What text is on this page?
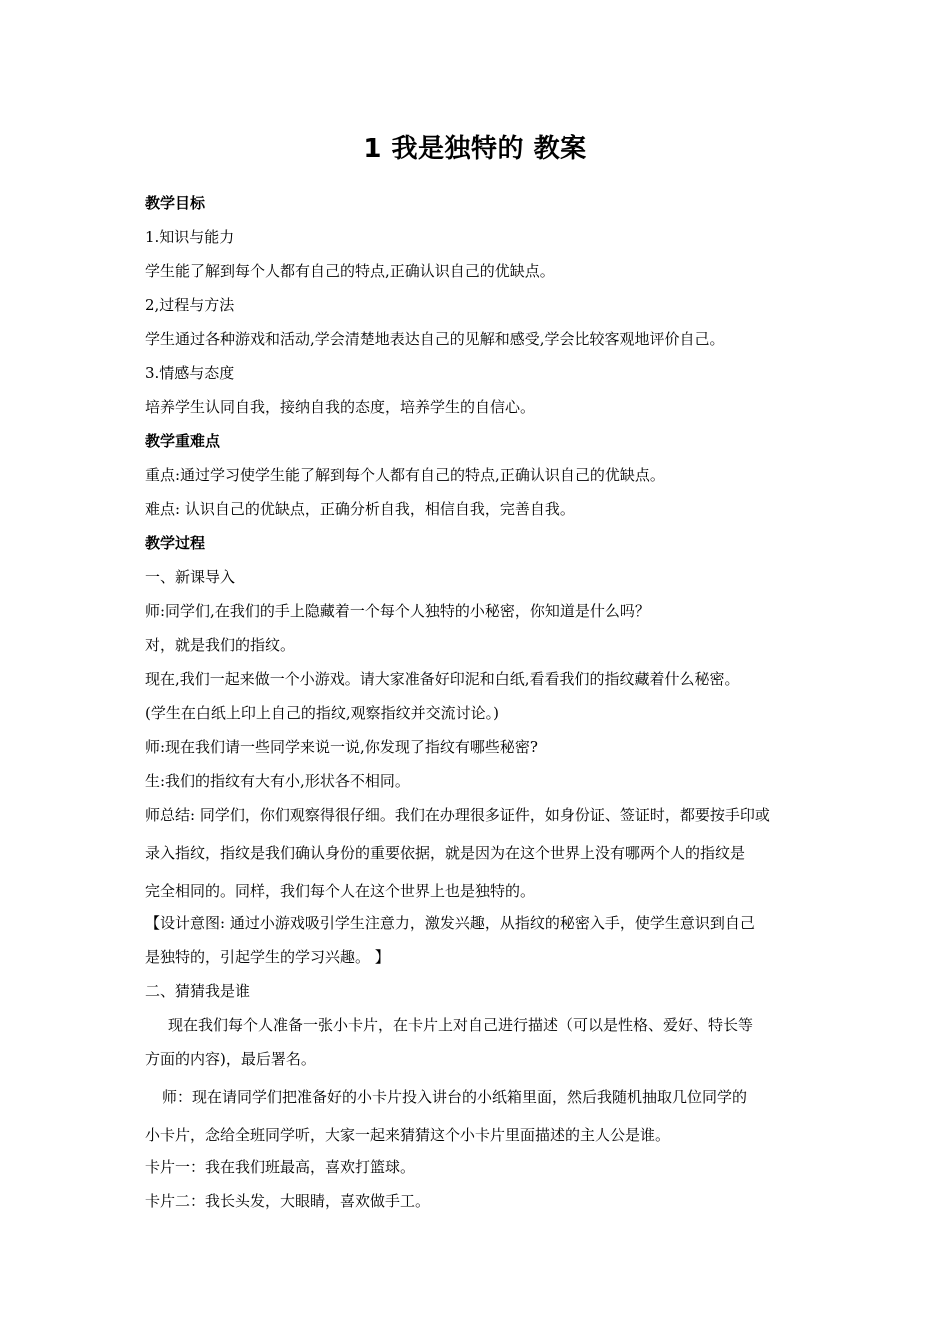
1 我是独特的 教案
教学目标
1.知识与能力
学生能了解到每个人都有自己的特点,正确认识自己的优缺点。
2,过程与方法
学生通过各种游戏和活动,学会清楚地表达自己的见解和感受,学会比较客观地评价自己。
3.情感与态度
培养学生认同自我，接纳自我的态度，培养学生的自信心。
教学重难点
重点:通过学习使学生能了解到每个人都有自己的特点,正确认识自己的优缺点。
难点: 认识自己的优缺点，正确分析自我，相信自我，完善自我。
教学过程
一、新课导入
师:同学们,在我们的手上隐藏着一个每个人独特的小秘密，你知道是什么吗？
对，就是我们的指纹。
现在,我们一起来做一个小游戏。请大家准备好印泥和白纸,看看我们的指纹藏着什么秘密。
(学生在白纸上印上自己的指纹,观察指纹并交流讨论。)
师:现在我们请一些同学来说一说,你发现了指纹有哪些秘密?
生:我们的指纹有大有小,形状各不相同。
师总结: 同学们，你们观察得很仔细。我们在办理很多证件，如身份证、签证时，都要按手印或
录入指纹，指纹是我们确认身份的重要依据，就是因为在这个世界上没有哪两个人的指纹是
完全相同的。同样，我们每个人在这个世界上也是独特的。
【设计意图: 通过小游戏吸引学生注意力，激发兴趣，从指纹的秘密入手，使学生意识到自己
是独特的，引起学生的学习兴趣。 】
二、猜猜我是谁
现在我们每个人准备一张小卡片，在卡片上对自己进行描述（可以是性格、爱好、特长等
方面的内容)，最后署名。
师：现在请同学们把准备好的小卡片投入讲台的小纸箱里面，然后我随机抽取几位同学的
小卡片，念给全班同学听，大家一起来猜猜这个小卡片里面描述的主人公是谁。
卡片一：我在我们班最高，喜欢打篮球。
卡片二：我长头发，大眼睛，喜欢做手工。
